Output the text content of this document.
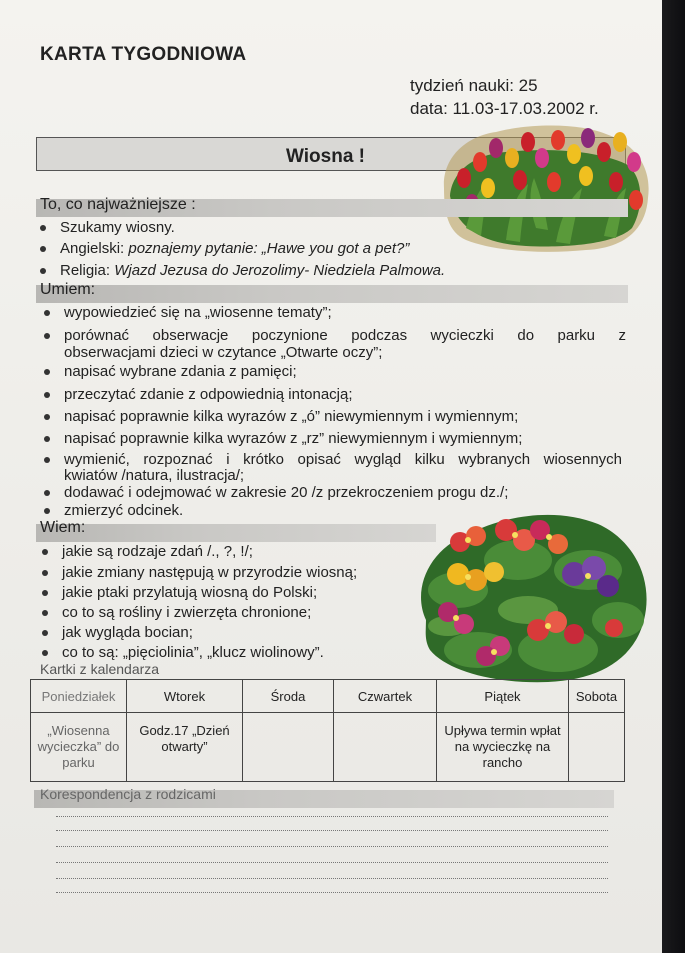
KARTA TYGODNIOWA
tydzień nauki: 25
data: 11.03-17.03.2002 r.
Wiosna !
To, co najważniejsze :
Szukamy wiosny.
Angielski: poznajemy pytanie: „Hawe you got a pet?”
Religia: Wjazd Jezusa do Jerozolimy- Niedziela Palmowa.
Umiem:
wypowiedzieć się na „wiosenne tematy”;
porównać obserwacje poczynione podczas wycieczki do parku z
obserwacjami dzieci w czytance „Otwarte oczy”;
napisać wybrane zdania z pamięci;
przeczytać zdanie z odpowiednią intonacją;
napisać poprawnie kilka wyrazów z „ó” niewymiennym i wymiennym;
napisać poprawnie kilka wyrazów z „rz” niewymiennym i wymiennym;
wymienić, rozpoznać i krótko opisać wygląd kilku wybranych wiosennych
kwiatów /natura, ilustracja/;
dodawać i odejmować w zakresie 20 /z przekroczeniem progu dz./;
zmierzyć odcinek.
Wiem:
jakie są rodzaje zdań /., ?, !/;
jakie zmiany następują w przyrodzie wiosną;
jakie ptaki przylatują wiosną do Polski;
co to są rośliny i zwierzęta chronione;
jak wygląda bocian;
co to są: „pięciolinia”, „klucz wiolinowy”.
Kartki z kalendarza
Poniedziałek	Wtorek	Środa	Czwartek	Piątek	Sobota
„Wiosenna wycieczka” do parku	Godz.17 „Dzień otwarty”			Upływa termin wpłat na wycieczkę na rancho	
Korespondencja z rodzicami
